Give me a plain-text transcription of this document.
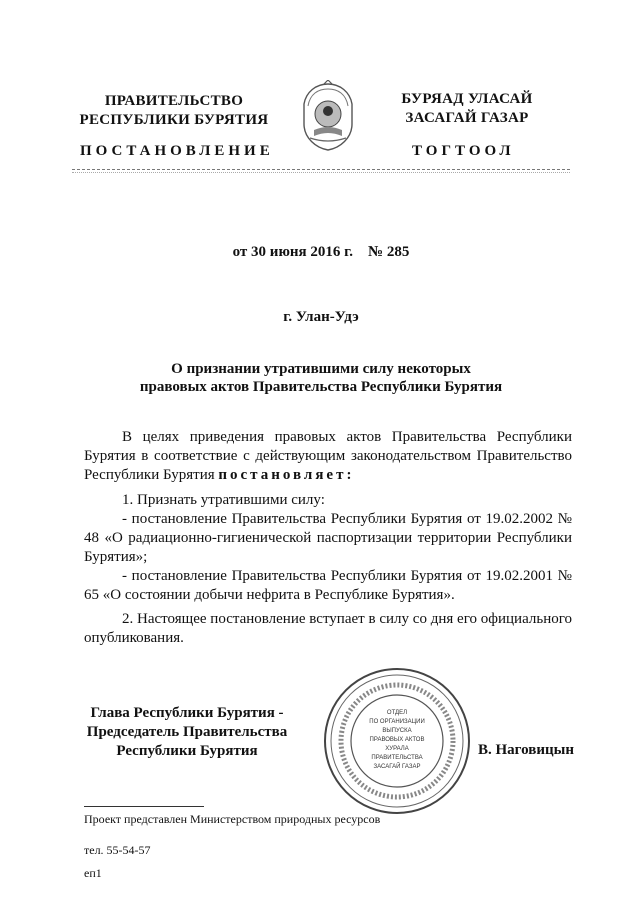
ПРАВИТЕЛЬСТВО
РЕСПУБЛИКИ БУРЯТИЯ
БУРЯАД УЛАСАЙ
ЗАСАГАЙ ГАЗАР
ПОСТАНОВЛЕНИЕ	ТОГТООЛ
от 30 июня 2016 г.    № 285
г. Улан-Удэ
О признании утратившими силу некоторых
правовых актов Правительства Республики Бурятия
В целях приведения правовых актов Правительства Республики Бурятия в соответствие с действующим законодательством Правительство Республики Бурятия постановляет:
1. Признать утратившими силу:
- постановление Правительства Республики Бурятия от 19.02.2002 № 48 «О радиационно-гигиенической паспортизации территории Республики Бурятия»;
- постановление Правительства Республики Бурятия от 19.02.2001 № 65 «О состоянии добычи нефрита в Республике Бурятия».
2. Настоящее постановление вступает в силу со дня его официального опубликования.
Глава Республики Бурятия -
Председатель Правительства
Республики Бурятия
ОТДЕЛ
ПО ОРГАНИЗАЦИИ
ВЫПУСКА
ПРАВОВЫХ АКТОВ
ХУРАЛА
ПРАВИТЕЛЬСТВА
ЗАСАГАЙ ГАЗАР
В. Наговицын
Проект представлен Министерством природных ресурсов
тел. 55-54-57
еп1
